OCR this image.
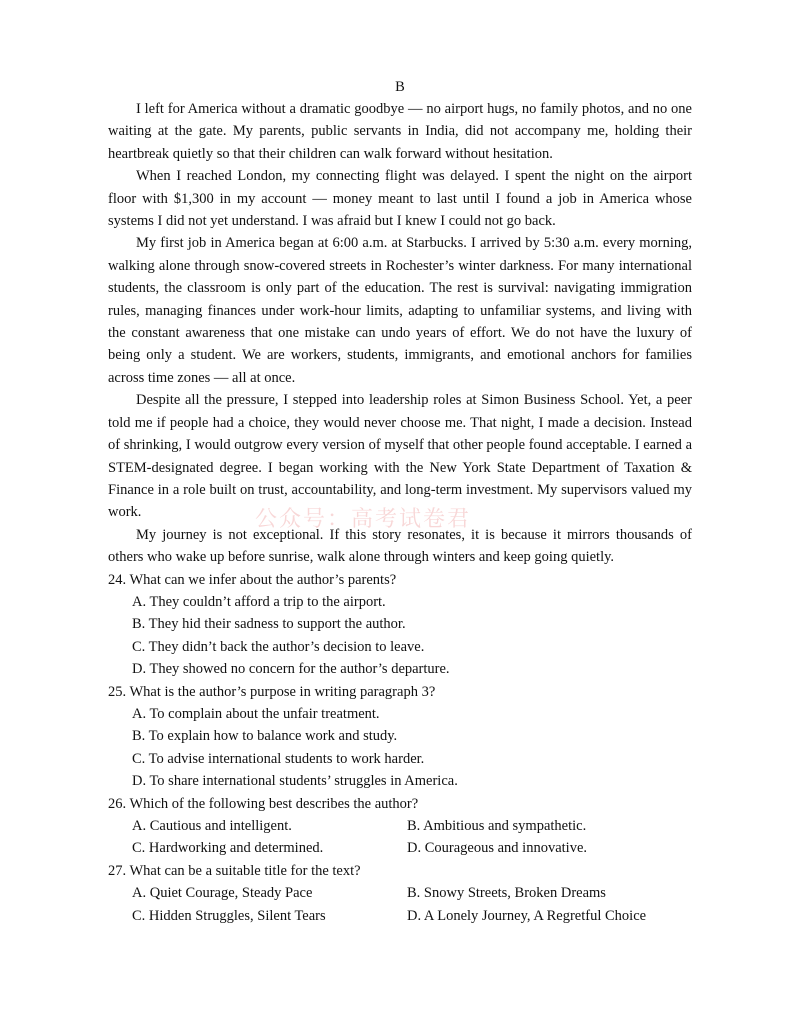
B

I left for America without a dramatic goodbye — no airport hugs, no family photos, and no one waiting at the gate. My parents, public servants in India, did not accompany me, holding their heartbreak quietly so that their children can walk forward without hesitation.

When I reached London, my connecting flight was delayed. I spent the night on the airport floor with $1,300 in my account — money meant to last until I found a job in America whose systems I did not yet understand. I was afraid but I knew I could not go back.

My first job in America began at 6:00 a.m. at Starbucks. I arrived by 5:30 a.m. every morning, walking alone through snow-covered streets in Rochester’s winter darkness. For many international students, the classroom is only part of the education. The rest is survival: navigating immigration rules, managing finances under work-hour limits, adapting to unfamiliar systems, and living with the constant awareness that one mistake can undo years of effort. We do not have the luxury of being only a student. We are workers, students, immigrants, and emotional anchors for families across time zones — all at once.

Despite all the pressure, I stepped into leadership roles at Simon Business School. Yet, a peer told me if people had a choice, they would never choose me. That night, I made a decision. Instead of shrinking, I would outgrow every version of myself that other people found acceptable. I earned a STEM-designated degree. I began working with the New York State Department of Taxation & Finance in a role built on trust, accountability, and long-term investment. My supervisors valued my work.

My journey is not exceptional. If this story resonates, it is because it mirrors thousands of others who wake up before sunrise, walk alone through winters and keep going quietly.

24. What can we infer about the author’s parents?

A. They couldn’t afford a trip to the airport.

B. They hid their sadness to support the author.

C. They didn’t back the author’s decision to leave.

D. They showed no concern for the author’s departure.

25. What is the author’s purpose in writing paragraph 3?

A. To complain about the unfair treatment.

B. To explain how to balance work and study.

C. To advise international students to work harder.

D. To share international students’ struggles in America.

26. Which of the following best describes the author?

A. Cautious and intelligent.	B. Ambitious and sympathetic.
C. Hardworking and determined.	D. Courageous and innovative.

27. What can be a suitable title for the text?

A. Quiet Courage, Steady Pace	B. Snowy Streets, Broken Dreams
C. Hidden Struggles, Silent Tears	D. A Lonely Journey, A Regretful Choice
公众号：高考试卷君
